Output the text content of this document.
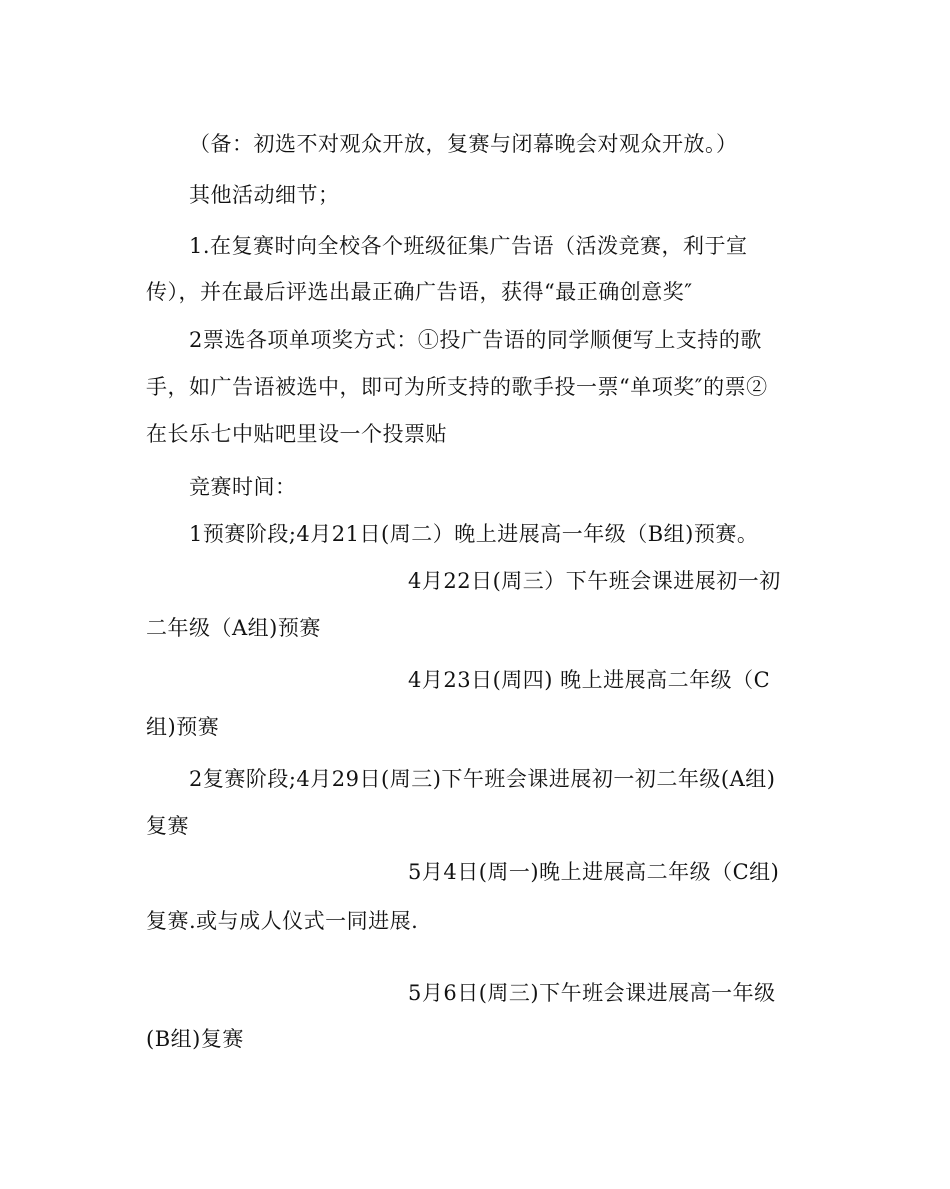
（备：初选不对观众开放，复赛与闭幕晚会对观众开放。）
其他活动细节；
1.在复赛时向全校各个班级征集广告语（活泼竞赛，利于宣
传），并在最后评选出最正确广告语，获得“最正确创意奖″
2票选各项单项奖方式：①投广告语的同学顺便写上支持的歌
手，如广告语被选中，即可为所支持的歌手投一票“单项奖″的票②
在长乐七中贴吧里设一个投票贴
竞赛时间：
1预赛阶段;4月21日(周二）晚上进展高一年级（B组)预赛。
4月22日(周三）下午班会课进展初一初
二年级（A组)预赛
4月23日(周四) 晚上进展高二年级（C
组)预赛
2复赛阶段;4月29日(周三)下午班会课进展初一初二年级(A组)
复赛
5月4日(周一)晚上进展高二年级（C组)
复赛.或与成人仪式一同进展.
5月6日(周三)下午班会课进展高一年级
(B组)复赛
